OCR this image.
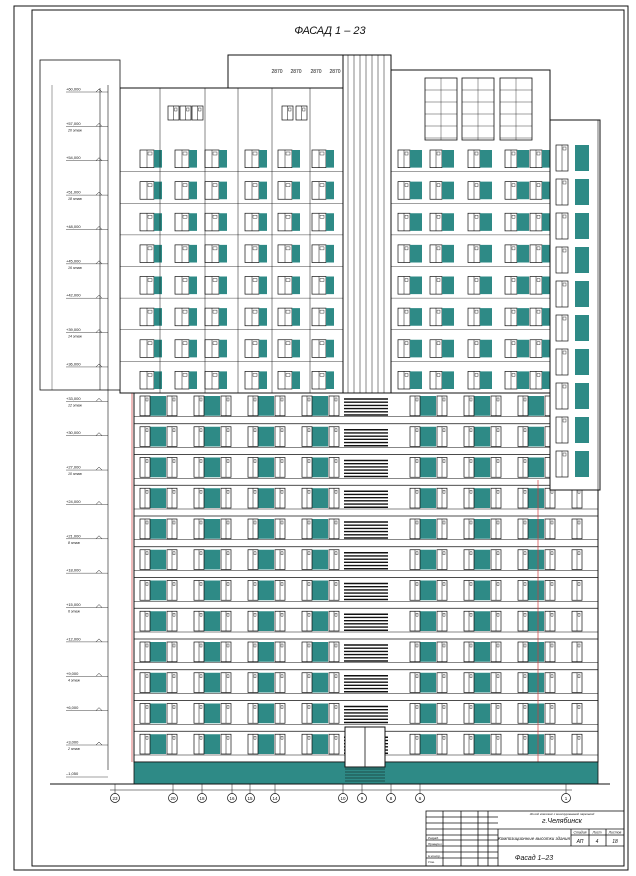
ФАСАД 1 – 23
+3,000
+6,000
+9,000
+12,000
+15,000
+18,000
+21,000
+24,000
+27,000
+30,000
+33,000
+36,000
+39,000
+42,000
+45,000
+48,000
+51,000
+54,000
+57,000
+60,000
2 этаж
4 этаж
6 этаж
8 этаж
10 этаж
12 этаж
14 этаж
16 этаж
18 этаж
20 этаж
–1,050
23	20	18	16	15	14	10	9	8	6	1
2870 2870 2870 2870
г.Челябинск
Жилой комплекс с многоуровневой парковкой
Композиционные высотки здания
Стадия Лист Листов
АП 4	18
Фасад 1–23
Разраб.
Проверил
Н.контр.
Утв.
